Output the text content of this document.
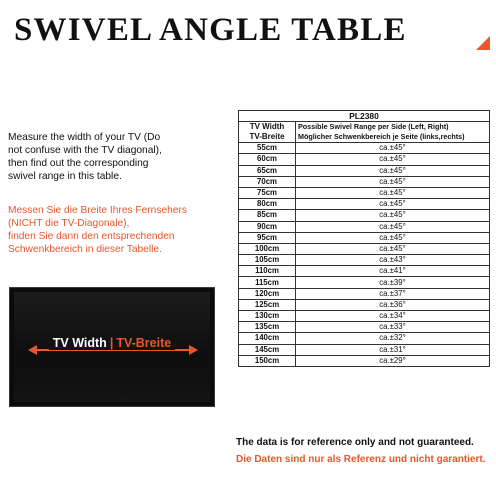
SWIVEL ANGLE TABLE
Measure the width of your TV (Do
not confuse with the TV diagonal),
then find out the corresponding
swivel range in this table.
Messen Sie die Breite Ihres Fernsehers
(NICHT die TV-Diagonale),
finden Sie dann den entsprechenden
Schwenkbereich in dieser Tabelle.
TV Width | TV-Breite
PL2380	
TV Width
TV-Breite	Possible Swivel Range per Side (Left, Right)
Möglicher Schwenkbereich je Seite (links,rechts)
55cm	ca.±45°
60cm	ca.±45°
65cm	ca.±45°
70cm	ca.±45°
75cm	ca.±45°
80cm	ca.±45°
85cm	ca.±45°
90cm	ca.±45°
95cm	ca.±45°
100cm	ca.±45°
105cm	ca.±43°
110cm	ca.±41°
115cm	ca.±39°
120cm	ca.±37°
125cm	ca.±36°
130cm	ca.±34°
135cm	ca.±33°
140cm	ca.±32°
145cm	ca.±31°
150cm	ca.±29°
The data is for reference only and not guaranteed.
Die Daten sind nur als Referenz und nicht garantiert.
